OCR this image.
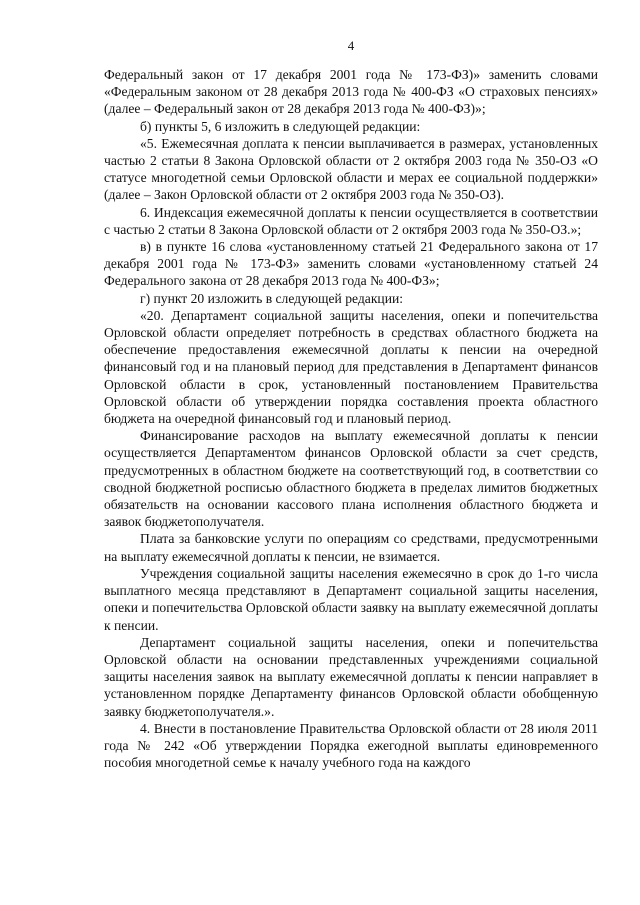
4

Федеральный закон от 17 декабря 2001 года № 173-ФЗ)» заменить словами «Федеральным законом от 28 декабря 2013 года № 400-ФЗ «О страховых пенсиях» (далее – Федеральный закон от 28 декабря 2013 года № 400-ФЗ)»;

б) пункты 5, 6 изложить в следующей редакции:

«5. Ежемесячная доплата к пенсии выплачивается в размерах, установленных частью 2 статьи 8 Закона Орловской области от 2 октября 2003 года № 350-ОЗ «О статусе многодетной семьи Орловской области и мерах ее социальной поддержки» (далее – Закон Орловской области от 2 октября 2003 года № 350-ОЗ).

6. Индексация ежемесячной доплаты к пенсии осуществляется в соответствии с частью 2 статьи 8 Закона Орловской области от 2 октября 2003 года № 350-ОЗ.»;

в) в пункте 16 слова «установленному статьей 21 Федерального закона от 17 декабря 2001 года № 173-ФЗ» заменить словами «установленному статьей 24 Федерального закона от 28 декабря 2013 года № 400-ФЗ»;

г) пункт 20 изложить в следующей редакции:

«20. Департамент социальной защиты населения, опеки и попечительства Орловской области определяет потребность в средствах областного бюджета на обеспечение предоставления ежемесячной доплаты к пенсии на очередной финансовый год и на плановый период для представления в Департамент финансов Орловской области в срок, установленный постановлением Правительства Орловской области об утверждении порядка составления проекта областного бюджета на очередной финансовый год и плановый период.

Финансирование расходов на выплату ежемесячной доплаты к пенсии осуществляется Департаментом финансов Орловской области за счет средств, предусмотренных в областном бюджете на соответствующий год, в соответствии со сводной бюджетной росписью областного бюджета в пределах лимитов бюджетных обязательств на основании кассового плана исполнения областного бюджета и заявок бюджетополучателя.

Плата за банковские услуги по операциям со средствами, предусмотренными на выплату ежемесячной доплаты к пенсии, не взимается.

Учреждения социальной защиты населения ежемесячно в срок до 1-го числа выплатного месяца представляют в Департамент социальной защиты населения, опеки и попечительства Орловской области заявку на выплату ежемесячной доплаты к пенсии.

Департамент социальной защиты населения, опеки и попечительства Орловской области на основании представленных учреждениями социальной защиты населения заявок на выплату ежемесячной доплаты к пенсии направляет в установленном порядке Департаменту финансов Орловской области обобщенную заявку бюджетополучателя.».

4. Внести в постановление Правительства Орловской области от 28 июля 2011 года № 242 «Об утверждении Порядка ежегодной выплаты единовременного пособия многодетной семье к началу учебного года на каждого
